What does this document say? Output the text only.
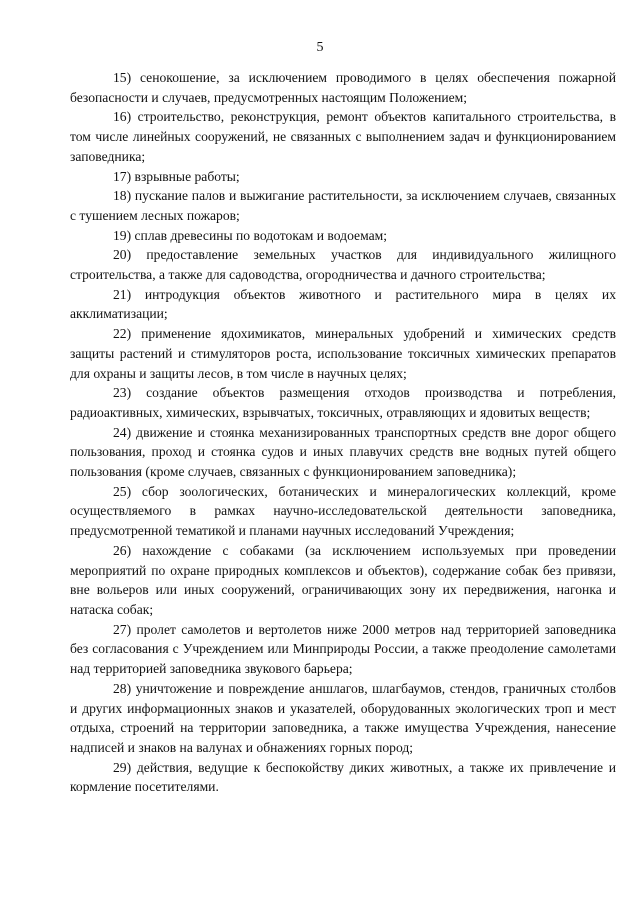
5

15) сенокошение, за исключением проводимого в целях обеспечения пожарной безопасности и случаев, предусмотренных настоящим Положением;

16) строительство, реконструкция, ремонт объектов капитального строительства, в том числе линейных сооружений, не связанных с выполнением задач и функционированием заповедника;

17) взрывные работы;

18) пускание палов и выжигание растительности, за исключением случаев, связанных с тушением лесных пожаров;

19) сплав древесины по водотокам и водоемам;

20) предоставление земельных участков для индивидуального жилищного строительства, а также для садоводства, огородничества и дачного строительства;

21) интродукция объектов животного и растительного мира в целях их акклиматизации;

22) применение ядохимикатов, минеральных удобрений и химических средств защиты растений и стимуляторов роста, использование токсичных химических препаратов для охраны и защиты лесов, в том числе в научных целях;

23) создание объектов размещения отходов производства и потребления, радиоактивных, химических, взрывчатых, токсичных, отравляющих и ядовитых веществ;

24) движение и стоянка механизированных транспортных средств вне дорог общего пользования, проход и стоянка судов и иных плавучих средств вне водных путей общего пользования (кроме случаев, связанных с функционированием заповедника);

25) сбор зоологических, ботанических и минералогических коллекций, кроме осуществляемого в рамках научно-исследовательской деятельности заповедника, предусмотренной тематикой и планами научных исследований Учреждения;

26) нахождение с собаками (за исключением используемых при проведении мероприятий по охране природных комплексов и объектов), содержание собак без привязи, вне вольеров или иных сооружений, ограничивающих зону их передвижения, нагонка и натаска собак;

27) пролет самолетов и вертолетов ниже 2000 метров над территорией заповедника без согласования с Учреждением или Минприроды России, а также преодоление самолетами над территорией заповедника звукового барьера;

28) уничтожение и повреждение аншлагов, шлагбаумов, стендов, граничных столбов и других информационных знаков и указателей, оборудованных экологических троп и мест отдыха, строений на территории заповедника, а также имущества Учреждения, нанесение надписей и знаков на валунах и обнажениях горных пород;

29) действия, ведущие к беспокойству диких животных, а также их привлечение и кормление посетителями.
